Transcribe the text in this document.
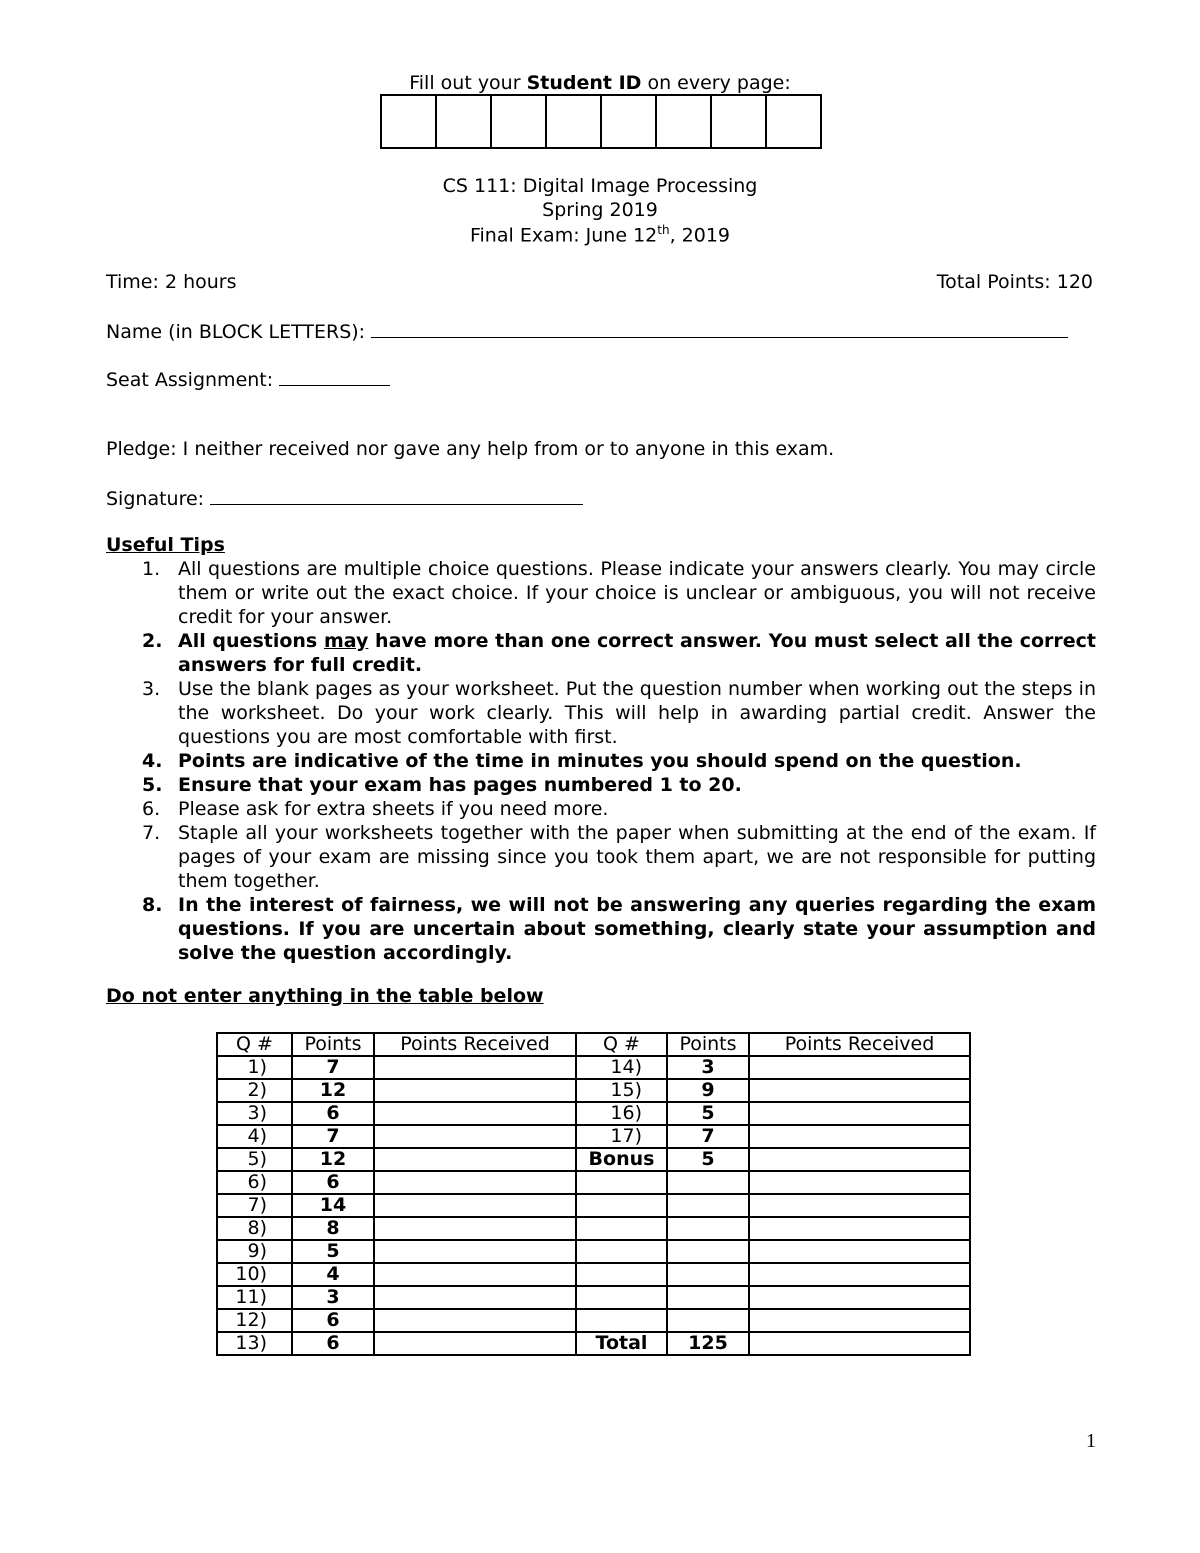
Fill out your Student ID on every page:

CS 111: Digital Image Processing

Spring 2019

Final Exam: June 12th, 2019

Time: 2 hours	Total Points: 120

Name (in BLOCK LETTERS):

Seat Assignment:

Pledge: I neither received nor gave any help from or to anyone in this exam.

Signature:

Useful Tips

1. All questions are multiple choice questions. Please indicate your answers clearly. You may circle them or write out the exact choice. If your choice is unclear or ambiguous, you will not receive credit for your answer.
2. All questions may have more than one correct answer. You must select all the correct answers for full credit.
3. Use the blank pages as your worksheet. Put the question number when working out the steps in the worksheet. Do your work clearly. This will help in awarding partial credit. Answer the questions you are most comfortable with first.
4. Points are indicative of the time in minutes you should spend on the question.
5. Ensure that your exam has pages numbered 1 to 20.
6. Please ask for extra sheets if you need more.
7. Staple all your worksheets together with the paper when submitting at the end of the exam. If pages of your exam are missing since you took them apart, we are not responsible for putting them together.
8. In the interest of fairness, we will not be answering any queries regarding the exam questions. If you are uncertain about something, clearly state your assumption and solve the question accordingly.

Do not enter anything in the table below

Q #	Points	Points Received	Q #	Points	Points Received
1)	7		14)	3	
2)	12		15)	9	
3)	6		16)	5	
4)	7		17)	7	
5)	12		Bonus	5	
6)	6				
7)	14				
8)	8				
9)	5				
10)	4				
11)	3				
12)	6				
13)	6		Total	125	

1
